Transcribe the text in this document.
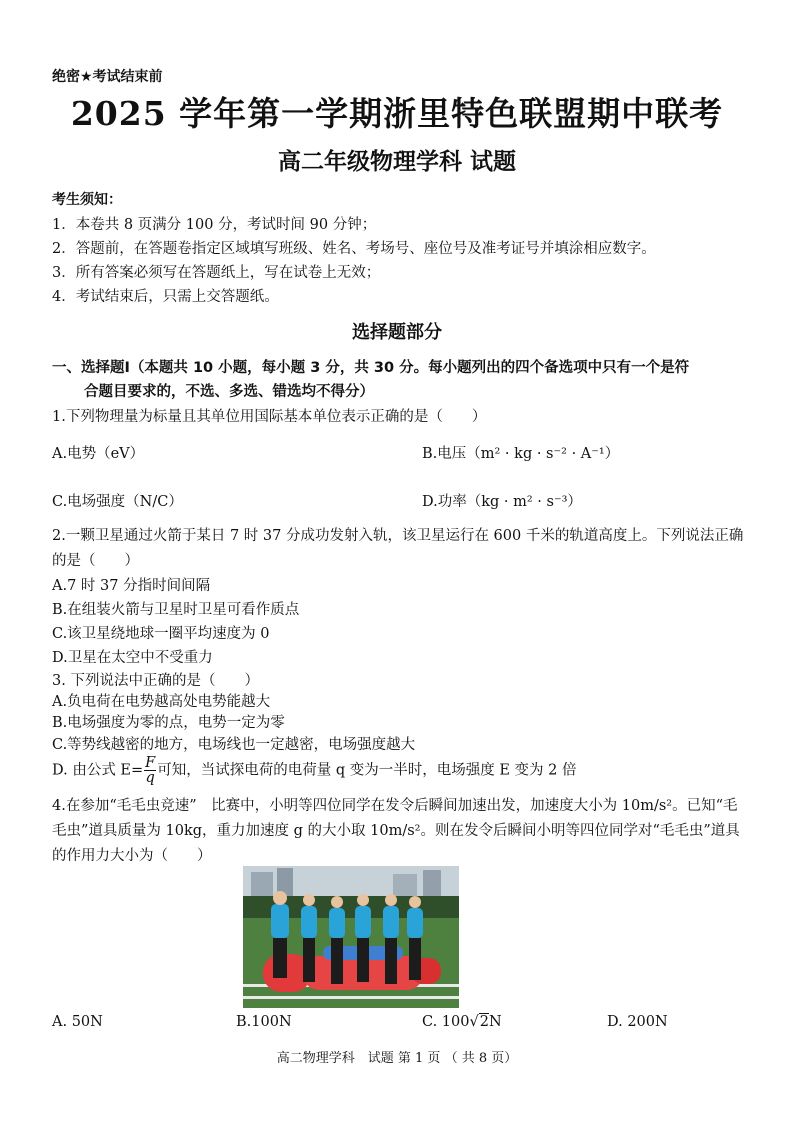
绝密★考试结束前
2025 学年第一学期浙里特色联盟期中联考
高二年级物理学科 试题
考生须知：
1．本卷共 8 页满分 100 分，考试时间 90 分钟；
2．答题前，在答题卷指定区域填写班级、姓名、考场号、座位号及准考证号并填涂相应数字。
3．所有答案必须写在答题纸上，写在试卷上无效；
4．考试结束后，只需上交答题纸。
选择题部分
一、选择题Ⅰ（本题共 10 小题，每小题 3 分，共 30 分。每小题列出的四个备选项中只有一个是符
合题目要求的，不选、多选、错选均不得分）
1.下列物理量为标量且其单位用国际基本单位表示正确的是（　　）
A.电势（eV）	B.电压（m² · kg · s⁻² · A⁻¹）
C.电场强度（N/C）	D.功率（kg · m² · s⁻³）
2.一颗卫星通过火箭于某日 7 时 37 分成功发射入轨，该卫星运行在 600 千米的轨道高度上。下列说法正确的是（　　）
A.7 时 37 分指时间间隔
B.在组装火箭与卫星时卫星可看作质点
C.该卫星绕地球一圈平均速度为 0
D.卫星在太空中不受重力
3. 下列说法中正确的是（　　）
A.负电荷在电势越高处电势能越大
B.电场强度为零的点，电势一定为零
C.等势线越密的地方，电场线也一定越密，电场强度越大
D. 由公式 $E= \frac{F}{q}$ 可知，当试探电荷的电荷量 q 变为一半时，电场强度 E 变为 2 倍
4.在参加“毛毛虫竞速”　比赛中，小明等四位同学在发令后瞬间加速出发，加速度大小为 10m/s²。已知“毛毛虫”道具质量为 10kg，重力加速度 g 的大小取 10m/s²。则在发令后瞬间小明等四位同学对“毛毛虫”道具的作用力大小为（　　）
A. 50N	B.100N	C. 100√2N	D. 200N
高二物理学科　试题 第 1 页 （ 共 8 页）
